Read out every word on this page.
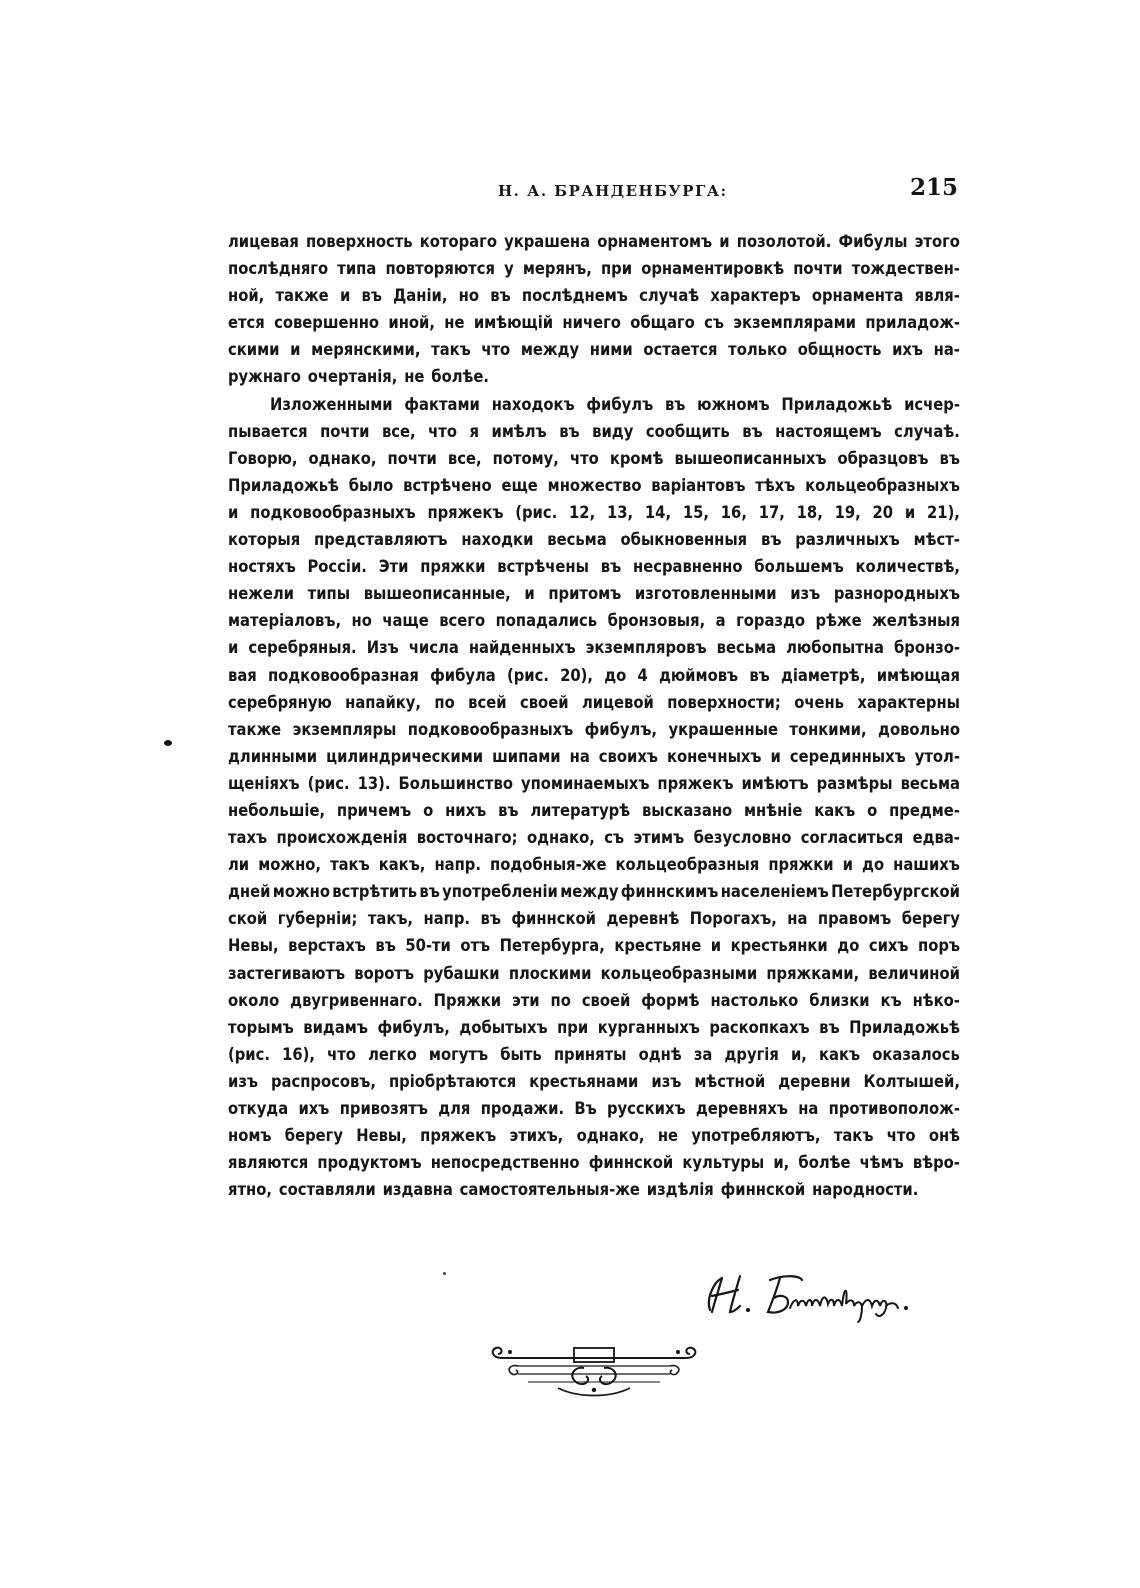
Н. А. БРАНДЕНБУРГА:	215
лицевая поверхность котораго украшена орнаментомъ и позолотой. Фибулы этого
послѣдняго типа повторяются у мерянъ, при орнаментировкѣ почти тождествен-
ной, также и въ Даніи, но въ послѣднемъ случаѣ характеръ орнамента явля-
ется совершенно иной, не имѣющій ничего общаго съ экземплярами приладож-
скими и мерянскими, такъ что между ними остается только общность ихъ на-
ружнаго очертанія, не болѣе.
Изложенными фактами находокъ фибулъ въ южномъ Приладожьѣ исчер-
пывается почти все, что я имѣлъ въ виду сообщить въ настоящемъ случаѣ.
Говорю, однако, почти все, потому, что кромѣ вышеописанныхъ образцовъ въ
Приладожьѣ было встрѣчено еще множество варіантовъ тѣхъ кольцеобразныхъ
и подковообразныхъ пряжекъ (рис. 12, 13, 14, 15, 16, 17, 18, 19, 20 и 21),
которыя представляютъ находки весьма обыкновенныя въ различныхъ мѣст-
ностяхъ Россіи. Эти пряжки встрѣчены въ несравненно большемъ количествѣ,
нежели типы вышеописанные, и притомъ изготовленными изъ разнородныхъ
матеріаловъ, но чаще всего попадались бронзовыя, а гораздо рѣже желѣзныя
и серебряныя. Изъ числа найденныхъ экземпляровъ весьма любопытна бронзо-
вая подковообразная фибула (рис. 20), до 4 дюймовъ въ діаметрѣ, имѣющая
серебряную напайку, по всей своей лицевой поверхности; очень характерны
также экземпляры подковообразныхъ фибулъ, украшенные тонкими, довольно
длинными цилиндрическими шипами на своихъ конечныхъ и серединныхъ утол-
щеніяхъ (рис. 13). Большинство упоминаемыхъ пряжекъ имѣютъ размѣры весьма
небольшіе, причемъ о нихъ въ литературѣ высказано мнѣніе какъ о предме-
тахъ происхожденія восточнаго; однако, съ этимъ безусловно согласиться едва-
ли можно, такъ какъ, напр. подобныя-же кольцеобразныя пряжки и до нашихъ
дней можно встрѣтить въ употребленіи между финнскимъ населеніемъ Петербургской
ской губерніи; такъ, напр. въ финнской деревнѣ Порогахъ, на правомъ берегу
Невы, верстахъ въ 50-ти отъ Петербурга, крестьяне и крестьянки до сихъ поръ
застегиваютъ воротъ рубашки плоскими кольцеобразными пряжками, величиной
около двугривеннаго. Пряжки эти по своей формѣ настолько близки къ нѣко-
торымъ видамъ фибулъ, добытыхъ при курганныхъ раскопкахъ въ Приладожьѣ
(рис. 16), что легко могутъ быть приняты однѣ за другія и, какъ оказалось
изъ распросовъ, пріобрѣтаются крестьянами изъ мѣстной деревни Колтышей,
откуда ихъ привозятъ для продажи. Въ русскихъ деревняхъ на противополож-
номъ берегу Невы, пряжекъ этихъ, однако, не употребляютъ, такъ что онѣ
являются продуктомъ непосредственно финнской культуры и, болѣе чѣмъ вѣро-
ятно, составляли издавна самостоятельныя-же издѣлія финнской народности.
